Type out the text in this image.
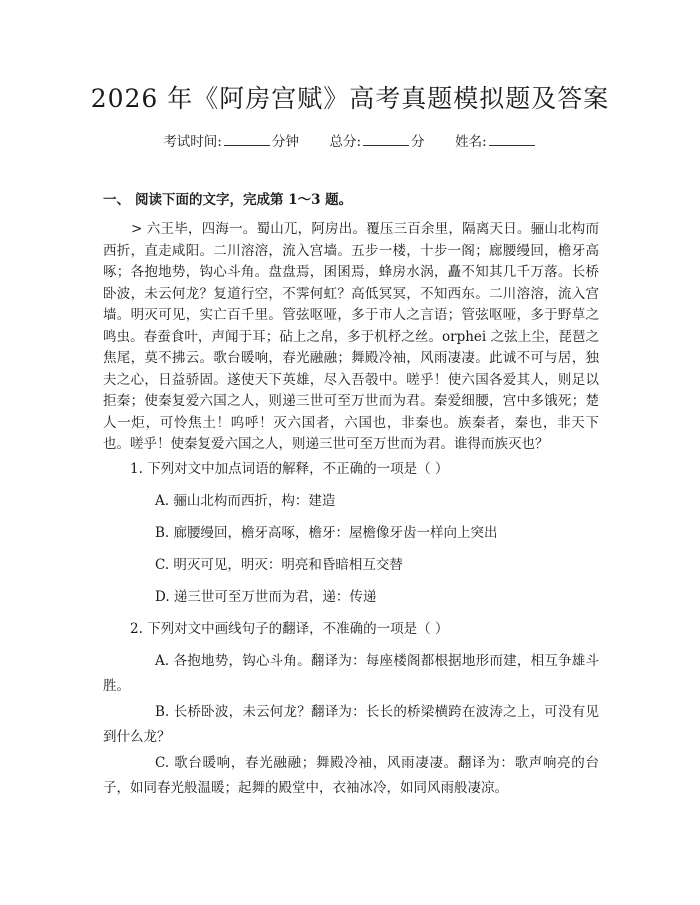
2026 年《阿房宫赋》高考真题模拟题及答案
考试时间:	分钟 总分:	分 姓名:
一、 阅读下面的文字，完成第 1～3 题。

> 六王毕，四海一。蜀山兀，阿房出。覆压三百余里，隔离天日。骊山北构而西折，直走咸阳。二川溶溶，流入宫墙。五步一楼，十步一阁；廊腰缦回，檐牙高啄；各抱地势，钩心斗角。盘盘焉，囷囷焉，蜂房水涡，矗不知其几千万落。长桥卧波，未云何龙？复道行空，不霁何虹？高低冥冥，不知西东。二川溶溶，流入宫墙。明灭可见，实亡百千里。管弦呕哑，多于市人之言语；管弦呕哑，多于野草之鸣虫。春蚕食叶，声闻于耳；砧上之帛，多于机杼之丝。orphei 之弦上尘，琵琶之焦尾，莫不拂云。歌台暖响，春光融融；舞殿冷袖，风雨凄凄。此诚不可与居，独夫之心，日益骄固。遂使天下英雄，尽入吾彀中。嗟乎！使六国各爱其人，则足以拒秦；使秦复爱六国之人，则递三世可至万世而为君。秦爱细腰，宫中多饿死；楚人一炬，可怜焦土！呜呼！灭六国者，六国也，非秦也。族秦者，秦也，非天下也。嗟乎！使秦复爱六国之人，则递三世可至万世而为君。谁得而族灭也？

1. 下列对文中加点词语的解释，不正确的一项是（ ）
A. 骊山北构而西折，构：建造
B. 廊腰缦回，檐牙高啄，檐牙：屋檐像牙齿一样向上突出
C. 明灭可见，明灭：明亮和昏暗相互交替
D. 递三世可至万世而为君，递：传递
2. 下列对文中画线句子的翻译，不准确的一项是（ ）

A. 各抱地势，钩心斗角。翻译为：每座楼阁都根据地形而建，相互争雄斗胜。

B. 长桥卧波，未云何龙？翻译为：长长的桥梁横跨在波涛之上，可没有见到什么龙？

C. 歌台暖响，春光融融；舞殿冷袖，风雨凄凄。翻译为：歌声响亮的台子，如同春光般温暖；起舞的殿堂中，衣袖冰冷，如同风雨般凄凉。
